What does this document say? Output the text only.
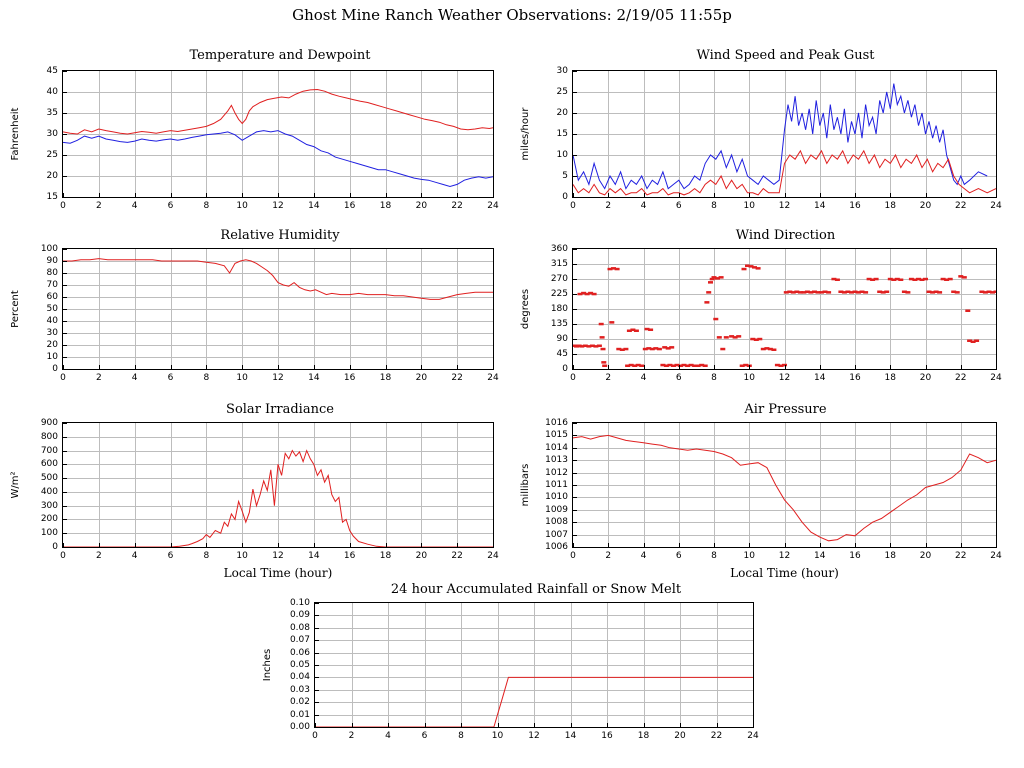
Ghost Mine Ranch Weather Observations: 2/19/05 11:55p
Temperature and Dewpoint
15
20
25
30
35
40
45
0	2	4	6	8	10	12	14	16	18	20	22	24
Fahrenheit
Wind Speed and Peak Gust
0
5
10
15
20
25
30
0	2	4	6	8	10	12	14	16	18	20	22	24
miles/hour
Relative Humidity
0
10
20
30
40
50
60
70
80
90
100
0	2	4	6	8	10	12	14	16	18	20	22	24
Percent
Wind Direction
0
45
90
135
180
225
270
315
360
0	2	4	6	8	10	12	14	16	18	20	22	24
degrees
Solar Irradiance
0
100
200
300
400
500
600
700
800
900
0	2	4	6	8	10	12	14	16	18	20	22	24
W/m²
Local Time (hour)
Air Pressure
1006
1007
1008
1009
1010
1011
1012
1013
1014
1015
1016
0	2	4	6	8	10	12	14	16	18	20	22	24
millibars
Local Time (hour)
24 hour Accumulated Rainfall or Snow Melt
0.00
0.01
0.02
0.03
0.04
0.05
0.06
0.07
0.08
0.09
0.10
0	2	4	6	8	10	12	14	16	18	20	22	24
Inches
